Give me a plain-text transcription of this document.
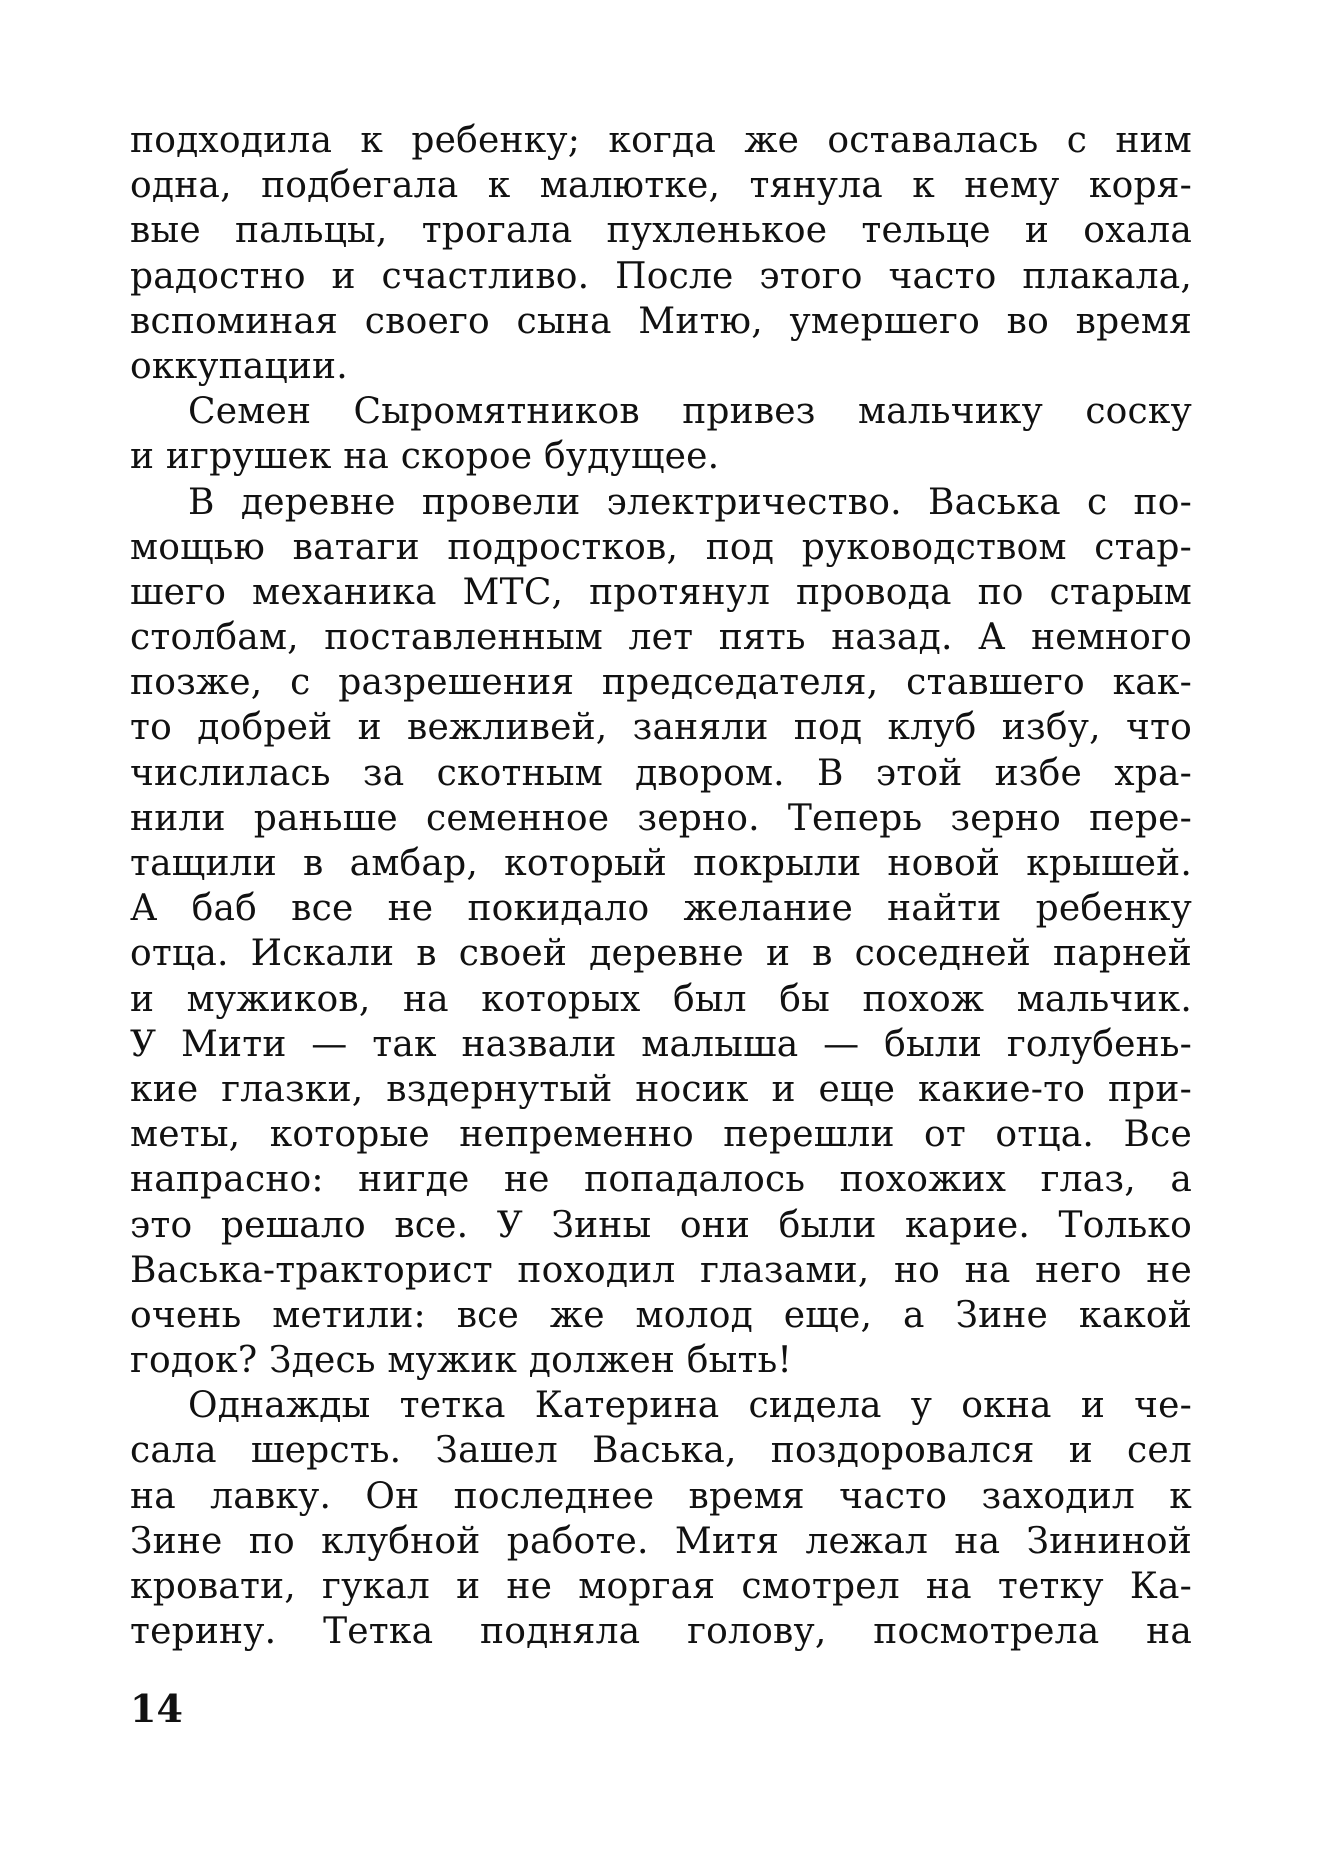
подходила к ребенку; когда же оставалась с ним
одна, подбегала к малютке, тянула к нему коря-
вые пальцы, трогала пухленькое тельце и охала
радостно и счастливо. После этого часто плакала,
вспоминая своего сына Митю, умершего во время
оккупации.
Семен Сыромятников привез мальчику соску
и игрушек на скорое будущее.
В деревне провели электричество. Васька с по-
мощью ватаги подростков, под руководством стар-
шего механика МТС, протянул провода по старым
столбам, поставленным лет пять назад. А немного
позже, с разрешения председателя, ставшего как-
то добрей и вежливей, заняли под клуб избу, что
числилась за скотным двором. В этой избе хра-
нили раньше семенное зерно. Теперь зерно пере-
тащили в амбар, который покрыли новой крышей.
А баб все не покидало желание найти ребенку
отца. Искали в своей деревне и в соседней парней
и мужиков, на которых был бы похож мальчик.
У Мити — так назвали малыша — были голубень-
кие глазки, вздернутый носик и еще какие-то при-
меты, которые непременно перешли от отца. Все
напрасно: нигде не попадалось похожих глаз, а
это решало все. У Зины они были карие. Только
Васька-тракторист походил глазами, но на него не
очень метили: все же молод еще, а Зине какой
годок? Здесь мужик должен быть!
Однажды тетка Катерина сидела у окна и че-
сала шерсть. Зашел Васька, поздоровался и сел
на лавку. Он последнее время часто заходил к
Зине по клубной работе. Митя лежал на Зининой
кровати, гукал и не моргая смотрел на тетку Ка-
терину. Тетка подняла голову, посмотрела на
14
